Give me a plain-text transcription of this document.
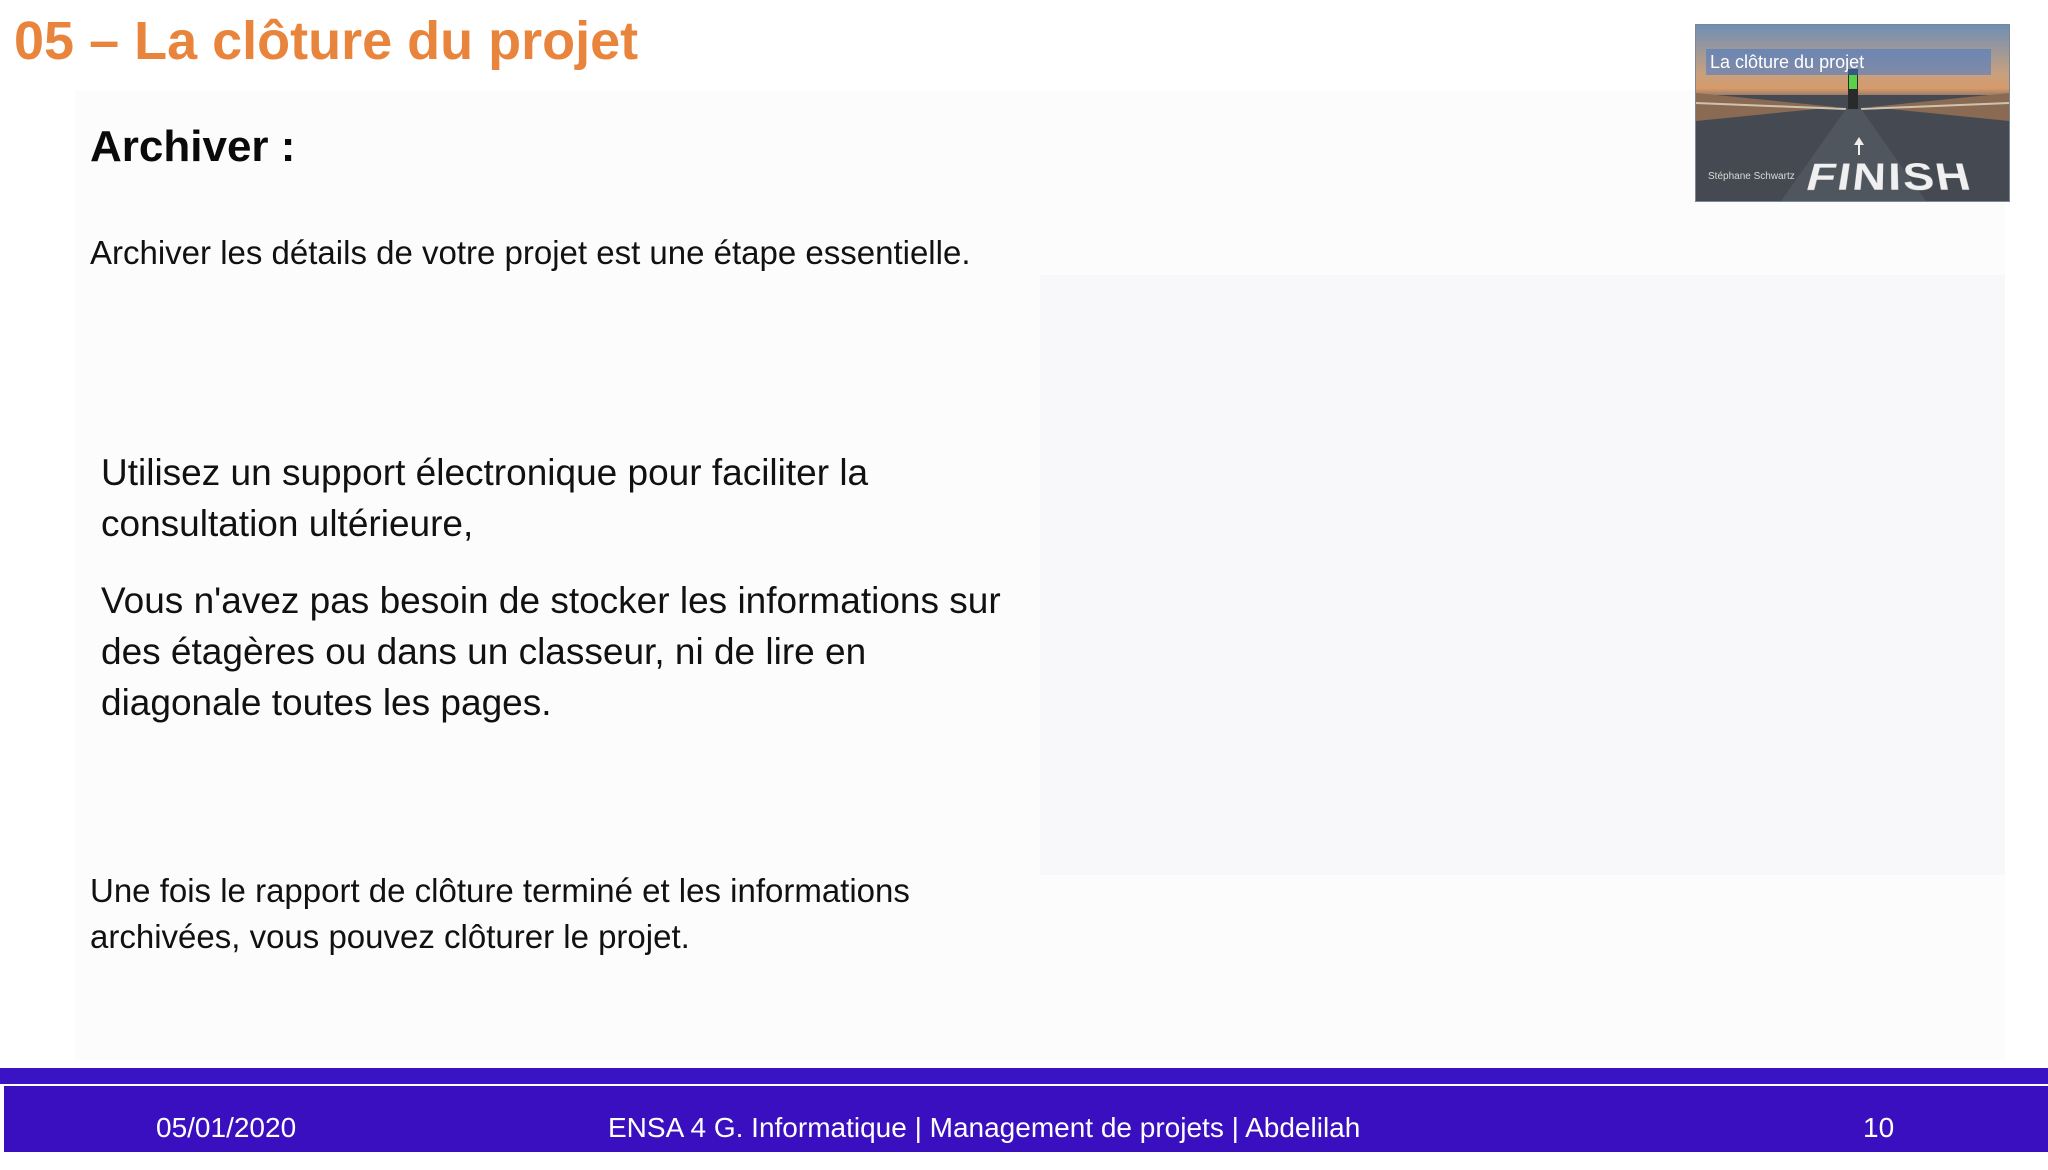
05 – La clôture du projet
Archiver :
Archiver les détails de votre projet est une étape essentielle.

Utilisez un support électronique pour faciliter la consultation ultérieure,

Vous n'avez pas besoin de stocker les informations sur des étagères ou dans un classeur, ni de lire en diagonale toutes les pages.

Une fois le rapport de clôture terminé et les informations archivées, vous pouvez clôturer le projet.
La clôture du projet
FINISH
Stéphane Schwartz
05/01/2020	ENSA 4 G. Informatique | Management de projets | Abdelilah	10
